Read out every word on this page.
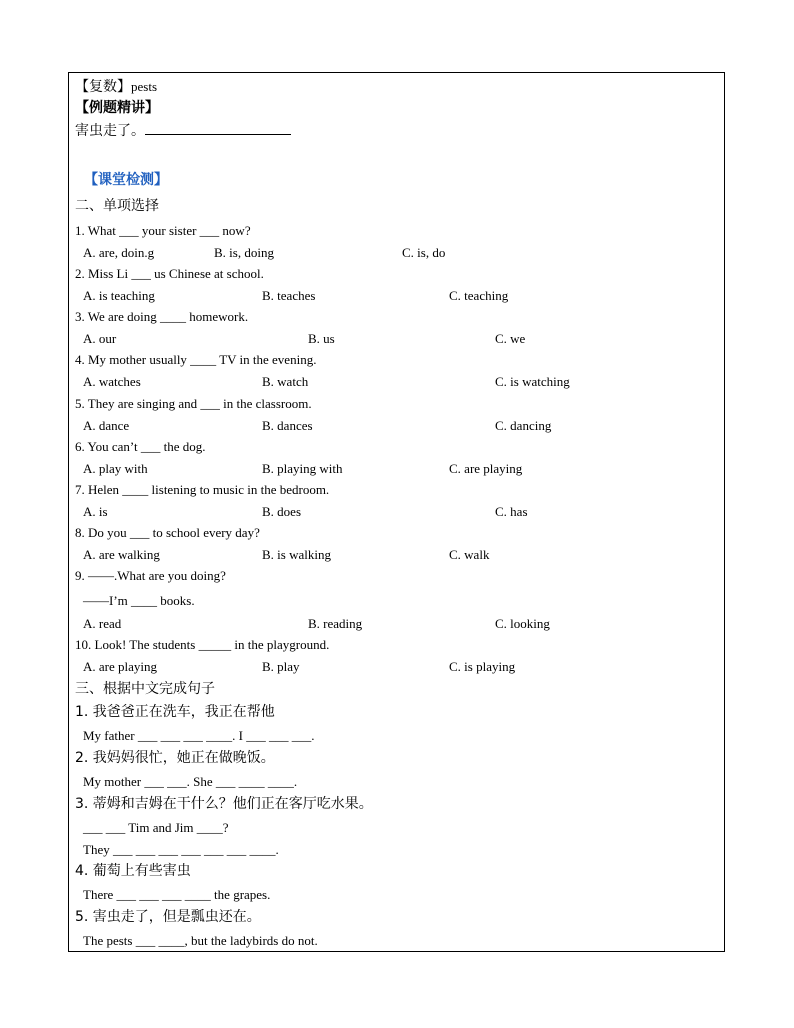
【复数】pests
【例题精讲】
害虫走了。
【课堂检测】
二、单项选择
1. What ___ your sister ___ now?
A. are, doin.g	B. is, doing	C. is, do
2. Miss Li ___ us Chinese at school.
A. is teaching	B. teaches	C. teaching
3. We are doing ____ homework.
A. our	B. us	C. we
4. My mother usually ____ TV in the evening.
A. watches	B. watch	C. is watching
5. They are singing and ___ in the classroom.
A. dance	B. dances	C. dancing
6. You can’t ___ the dog.
A. play with	B. playing with	C. are playing
7. Helen ____ listening to music in the bedroom.
A. is	B. does	C. has
8. Do you ___ to school every day?
A. are walking	B. is walking	C. walk
9. ——.What are you doing?
——I’m ____ books.
A. read	B. reading	C. looking
10. Look! The students _____ in the playground.
A. are playing	B. play	C. is playing
三、根据中文完成句子
1. 我爸爸正在洗车，我正在帮他
My father ___ ___ ___ ____. I ___ ___ ___.
2. 我妈妈很忙，她正在做晚饭。
My mother ___ ___. She ___ ____ ____.
3. 蒂姆和吉姆在干什么？他们正在客厅吃水果。
___ ___ Tim and Jim ____?
They ___ ___ ___ ___ ___ ___ ____.
4. 葡萄上有些害虫
There ___ ___ ___ ____ the grapes.
5. 害虫走了，但是瓢虫还在。
The pests ___ ____, but the ladybirds do not.
